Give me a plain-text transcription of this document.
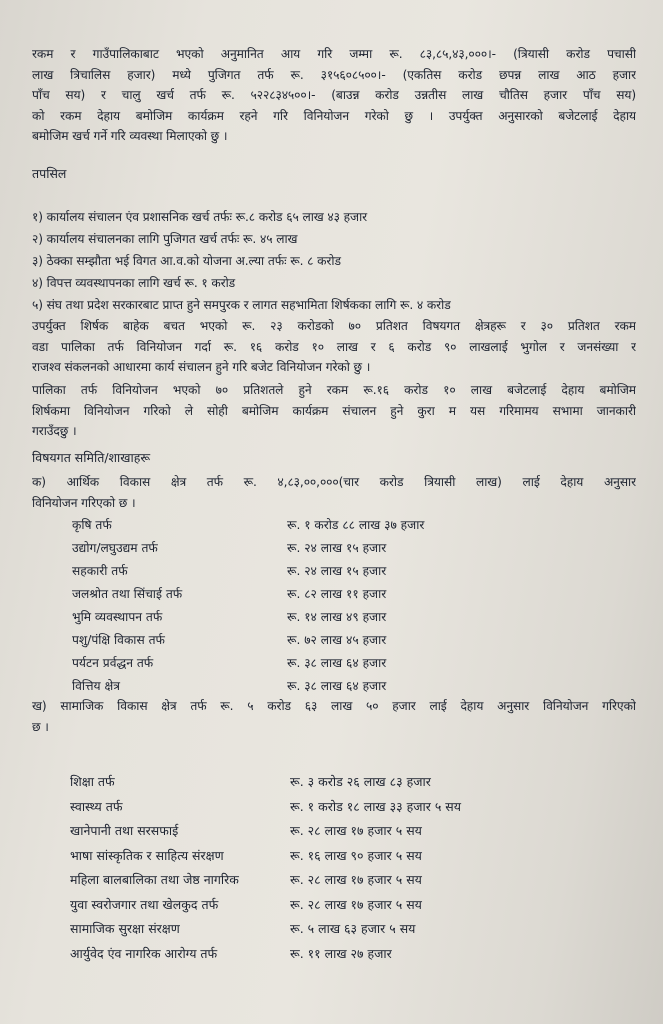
रकम र गाउँपालिकाबाट भएको अनुमानित आय गरि जम्मा रू. ८३,८५,४३,०००।- (त्रियासी करोड पचासी
लाख त्रिचालिस हजार) मध्ये पुजिगत तर्फ रू. ३१५६०८५००।- (एकतिस करोड छपन्न लाख आठ हजार
पाँच सय) र चालु खर्च तर्फ रू. ५२२८३४५००।- (बाउन्न करोड उन्नतीस लाख चौतिस हजार पाँच सय)
को रकम देहाय बमोजिम कार्यक्रम रहने गरि विनियोजन गरेको छु । उपर्युक्त अनुसारको बजेटलाई देहाय
बमोजिम खर्च गर्ने गरि व्यवस्था मिलाएको छु ।
तपसिल
१) कार्यालय संचालन एंव प्रशासनिक खर्च तर्फः रू.८ करोड ६५ लाख ४३ हजार
२) कार्यालय संचालनका लागि पुजिगत खर्च तर्फः रू. ४५ लाख
३) ठेक्का सम्झौता भई विगत आ.व.को योजना अ.ल्या तर्फः रू. ८ करोड
४) विपत्त व्यवस्थापनका लागि खर्च रू. १ करोड
५) संघ तथा प्रदेश सरकारबाट प्राप्त हुने समपुरक र लागत सहभामिता शिर्षकका लागि रू. ४ करोड
उपर्युक्त शिर्षक बाहेक बचत भएको रू. २३ करोडको ७० प्रतिशत विषयगत क्षेत्रहरू र ३० प्रतिशत रकम
वडा पालिका तर्फ विनियोजन गर्दा रू. १६ करोड १० लाख र ६ करोड ९० लाखलाई भुगोल र जनसंख्या र
राजश्व संकलनको आधारमा कार्य संचालन हुने गरि बजेट विनियोजन गरेको छु ।
पालिका तर्फ विनियोजन भएको ७० प्रतिशतले हुने रकम रू.१६ करोड १० लाख बजेटलाई देहाय बमोजिम
शिर्षकमा विनियोजन गरिको ले सोही बमोजिम कार्यक्रम संचालन हुने कुरा म यस गरिमामय सभामा जानकारी
गराउँदछु ।
विषयगत समिति/शाखाहरू
क) आर्थिक विकास क्षेत्र तर्फ रू. ४,८३,००,०००(चार करोड त्रियासी लाख) लाई देहाय अनुसार
विनियोजन गरिएको छ ।
कृषि तर्फ	रू. १ करोड ८८ लाख ३७ हजार
उद्योग/लघुउद्यम तर्फ	रू. २४ लाख १५ हजार
सहकारी तर्फ	रू. २४ लाख १५ हजार
जलश्रोत तथा सिंचाई तर्फ	रू. ८२ लाख ११ हजार
भुमि व्यवस्थापन तर्फ	रू. १४ लाख ४९ हजार
पशु/पंक्षि विकास तर्फ	रू. ७२ लाख ४५ हजार
पर्यटन प्रर्वद्धन तर्फ	रू. ३८ लाख ६४ हजार
वित्तिय क्षेत्र	रू. ३८ लाख ६४ हजार
ख) सामाजिक विकास क्षेत्र तर्फ रू. ५ करोड ६३ लाख ५० हजार लाई देहाय अनुसार विनियोजन गरिएको
छ ।
शिक्षा तर्फ	रू. ३ करोड २६ लाख ८३ हजार
स्वास्थ्य तर्फ	रू. १ करोड १८ लाख ३३ हजार ५ सय
खानेपानी तथा सरसफाई	रू. २८ लाख १७ हजार ५ सय
भाषा सांस्कृतिक र साहित्य संरक्षण	रू. १६ लाख ९० हजार ५ सय
महिला बालबालिका तथा जेष्ठ नागरिक	रू. २८ लाख १७ हजार ५ सय
युवा स्वरोजगार तथा खेलकुद तर्फ	रू. २८ लाख १७ हजार ५ सय
सामाजिक सुरक्षा संरक्षण	रू. ५ लाख ६३ हजार ५ सय
आर्युवेद एंव नागरिक आरोग्य तर्फ	रू. ११ लाख २७ हजार
